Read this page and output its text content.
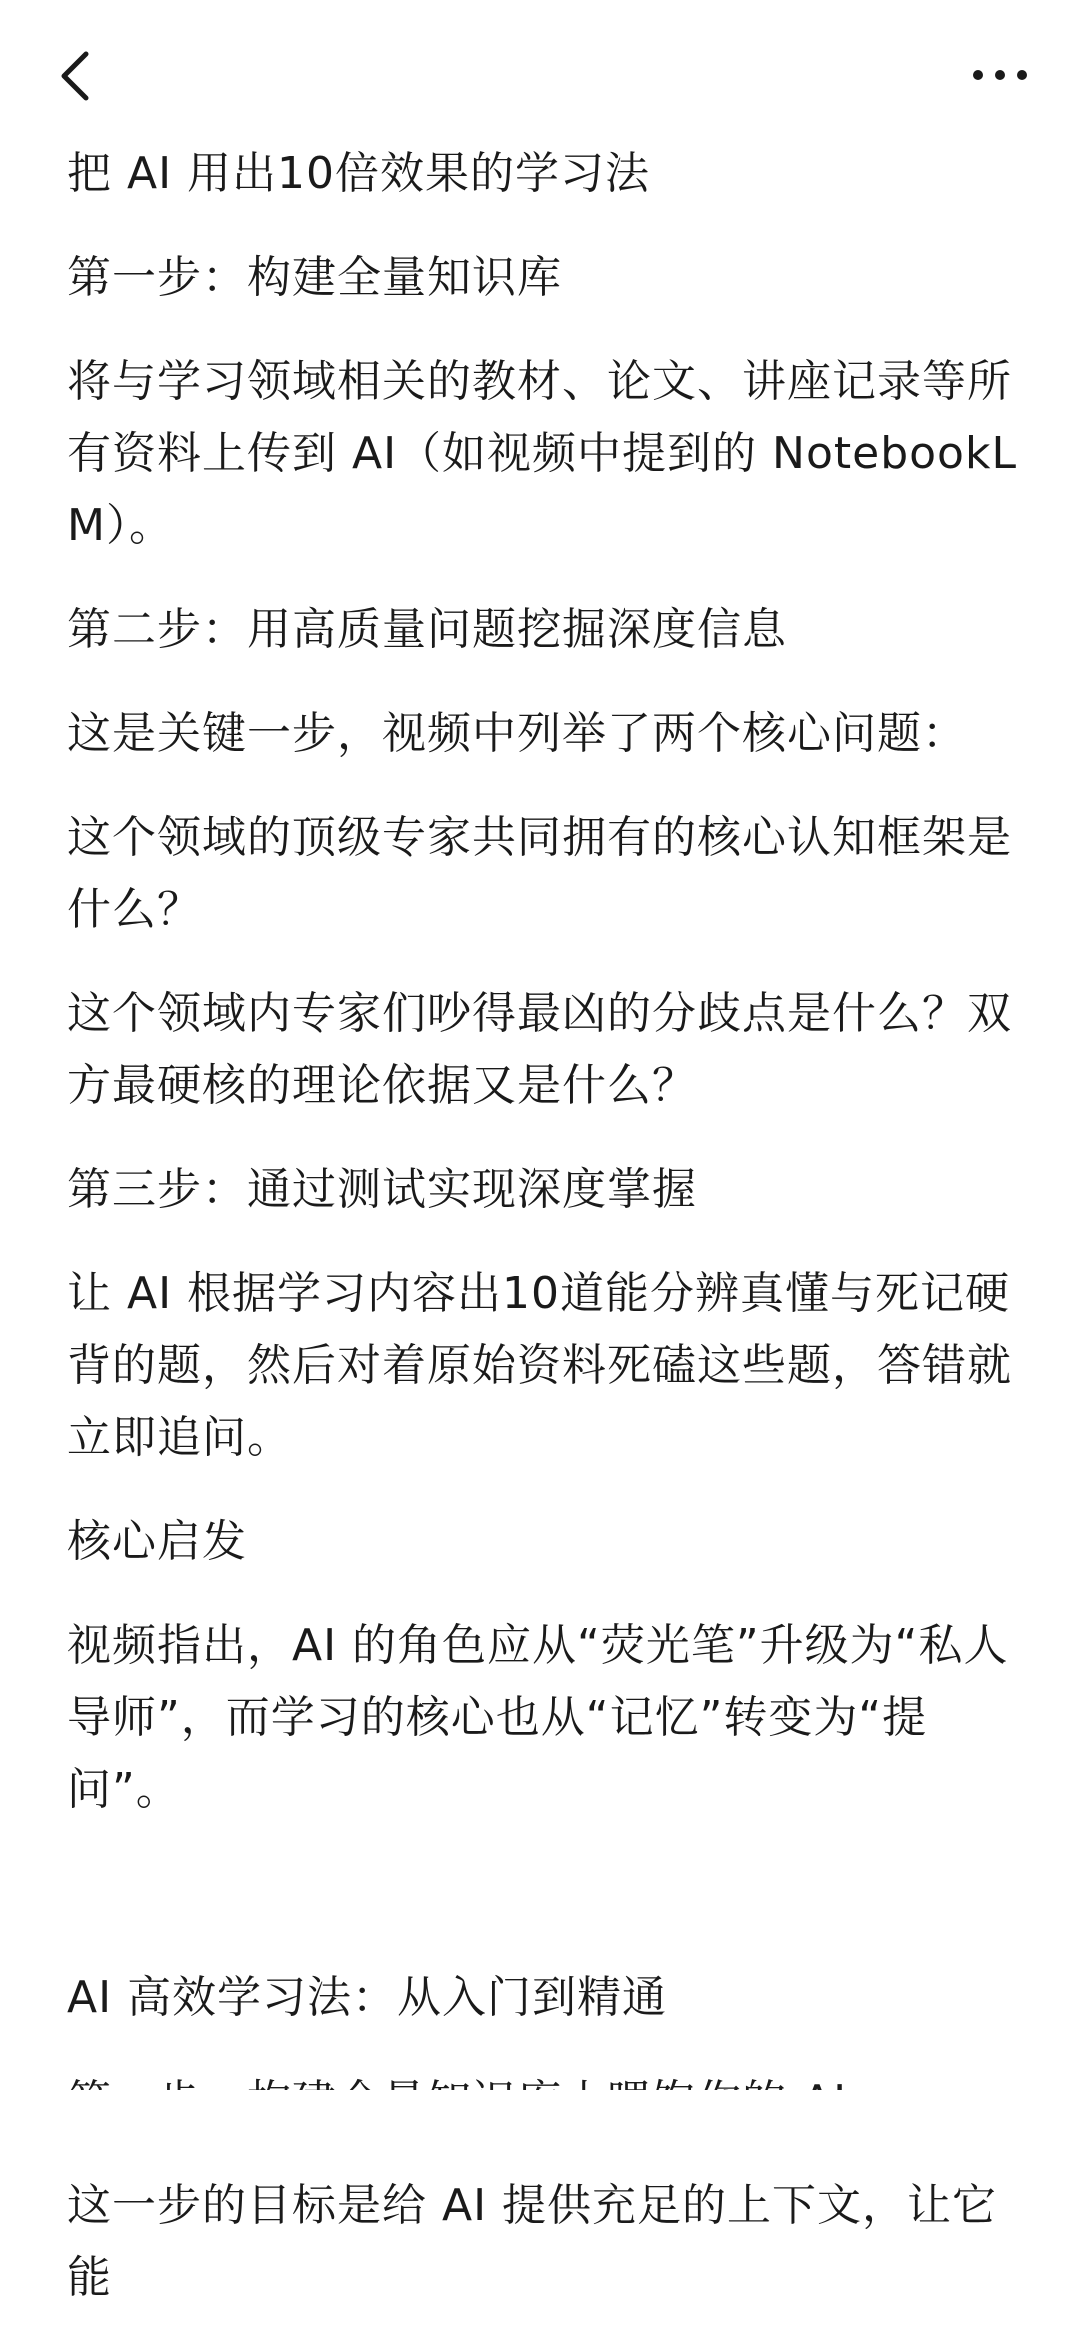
把 AI 用出10倍效果的学习法

第一步：构建全量知识库

将与学习领域相关的教材、论文、讲座记录等所有资料上传到 AI（如视频中提到的 NotebookLM）。

第二步：用高质量问题挖掘深度信息

这是关键一步，视频中列举了两个核心问题：

这个领域的顶级专家共同拥有的核心认知框架是什么？

这个领域内专家们吵得最凶的分歧点是什么？双方最硬核的理论依据又是什么？

第三步：通过测试实现深度掌握

让 AI 根据学习内容出10道能分辨真懂与死记硬背的题，然后对着原始资料死磕这些题，答错就立即追问。

核心启发

视频指出，AI 的角色应从“荧光笔”升级为“私人导师”，而学习的核心也从“记忆”转变为“提问”。

AI 高效学习法：从入门到精通

这一步的目标是给 AI 提供充足的上下文，让它能
